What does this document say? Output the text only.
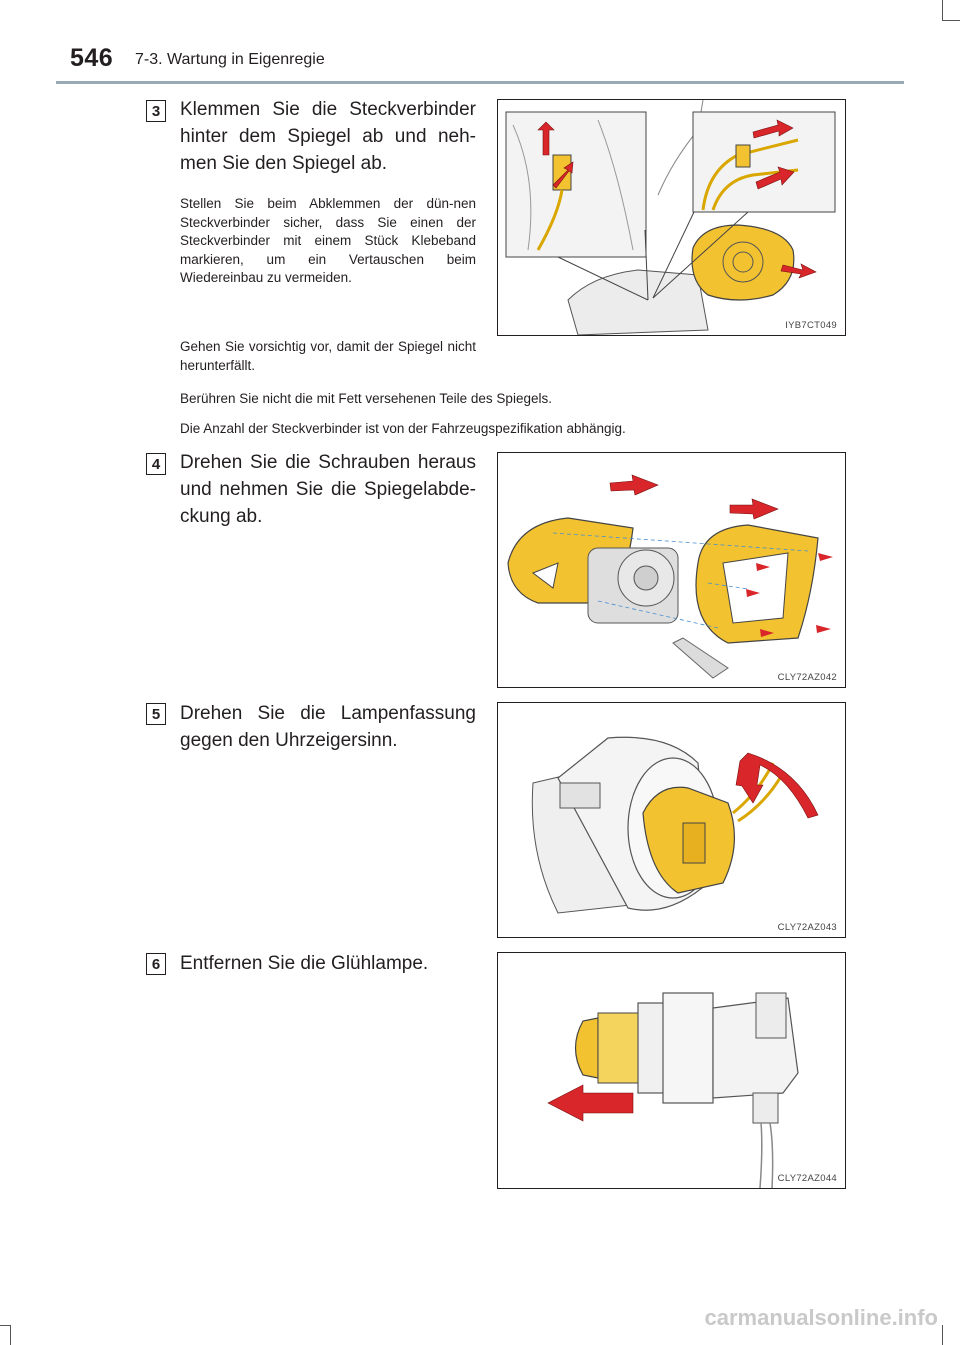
546 7-3. Wartung in Eigenregie
3	Klemmen Sie die Steckverbinder hinter dem Spiegel ab und neh-men Sie den Spiegel ab.
Stellen Sie beim Abklemmen der dün-nen Steckverbinder sicher, dass Sie einen der Steckverbinder mit einem Stück Klebeband markieren, um ein Vertauschen beim Wiedereinbau zu vermeiden.
Gehen Sie vorsichtig vor, damit der Spiegel nicht herunterfällt.
Berühren Sie nicht die mit Fett versehenen Teile des Spiegels.
Die Anzahl der Steckverbinder ist von der Fahrzeugspezifikation abhängig.
IYB7CT049
4	Drehen Sie die Schrauben heraus und nehmen Sie die Spiegelabde-ckung ab.
CLY72AZ042
5	Drehen Sie die Lampenfassung gegen den Uhrzeigersinn.
CLY72AZ043
6	Entfernen Sie die Glühlampe.
CLY72AZ044
carmanualsonline.info
